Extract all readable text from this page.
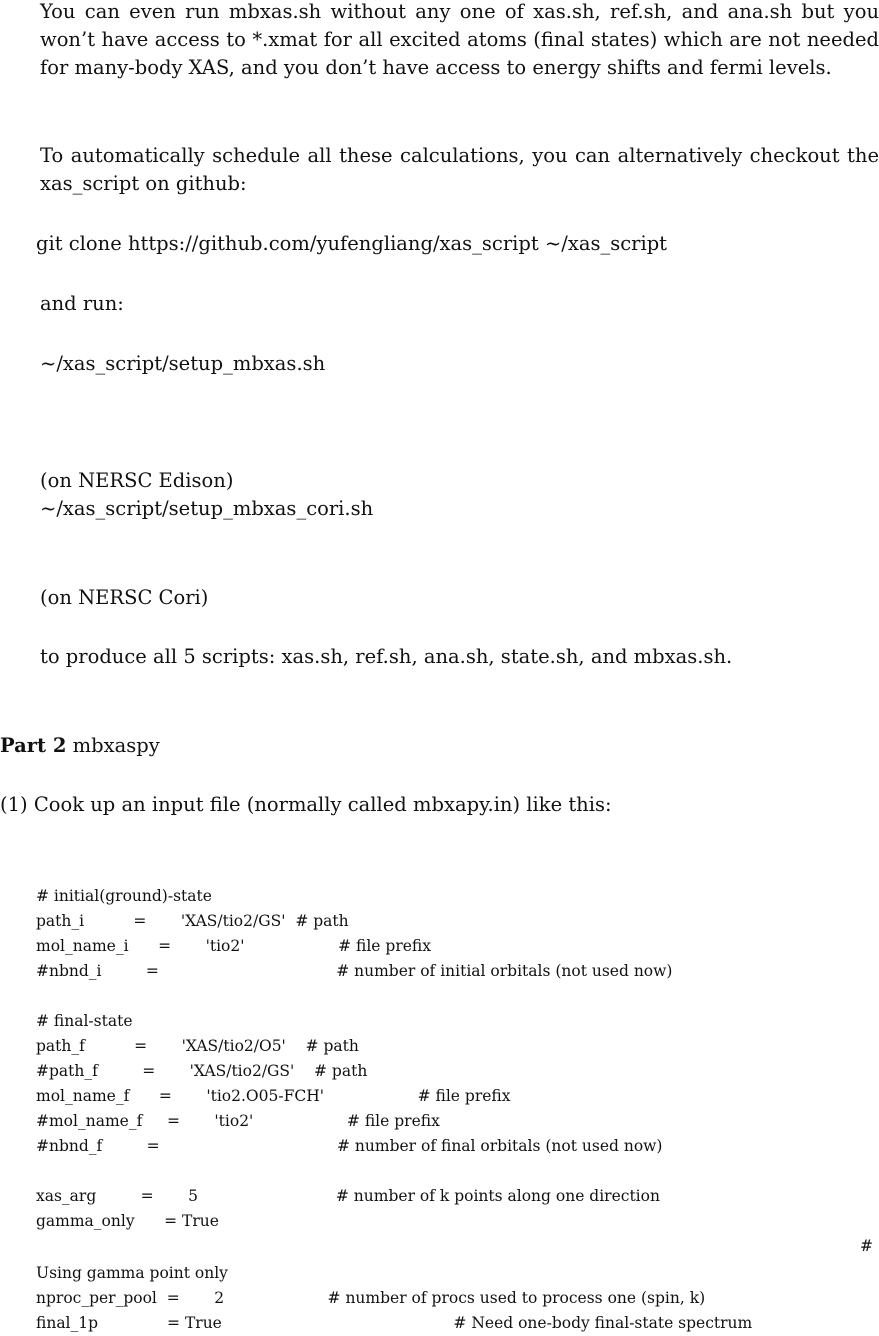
You can even run mbxas.sh without any one of xas.sh, ref.sh, and ana.sh but you won’t have access to *.xmat for all excited atoms (final states) which are not needed for many-body XAS, and you don’t have access to energy shifts and fermi levels.

To automatically schedule all these calculations, you can alternatively checkout the xas_script on github:

git clone https://github.com/yufengliang/xas_script ~/xas_script

and run:

~/xas_script/setup_mbxas.sh

(on NERSC Edison)

~/xas_script/setup_mbxas_cori.sh

(on NERSC Cori)

to produce all 5 scripts: xas.sh, ref.sh, ana.sh, state.sh, and mbxas.sh.

Part 2 mbxaspy

(1) Cook up an input file (normally called mbxapy.in) like this:

# initial(ground)-state

path_i          =       'XAS/tio2/GS'  # path

mol_name_i      =       'tio2'                   # file prefix

#nbnd_i         =                                    # number of initial orbitals (not used now)

# final-state

path_f          =       'XAS/tio2/O5'    # path

#path_f         =       'XAS/tio2/GS'    # path

mol_name_f      =       'tio2.O05-FCH'                   # file prefix

#mol_name_f     =       'tio2'                   # file prefix

#nbnd_f         =                                    # number of final orbitals (not used now)

xas_arg         =       5                            # number of k points along one direction

gamma_only      = True

#

Using gamma point only

nproc_per_pool  =       2                     # number of procs used to process one (spin, k)

final_1p              = True                                               # Need one-body final-state spectrum
